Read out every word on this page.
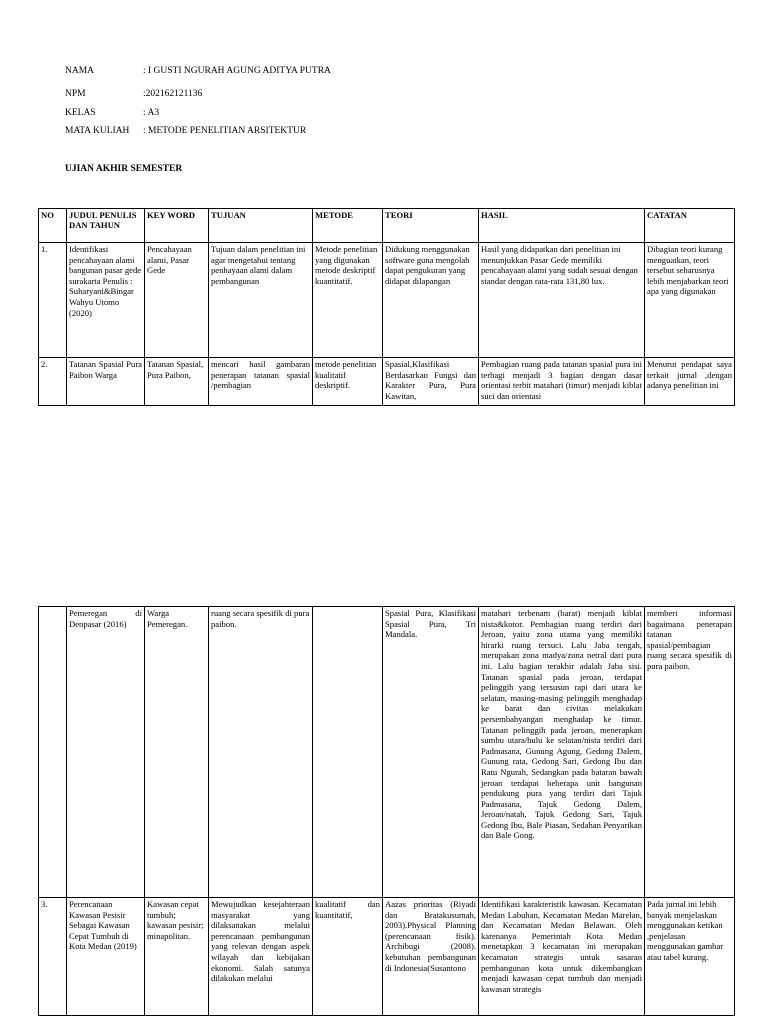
NAMA	: I GUSTI NGURAH AGUNG ADITYA PUTRA
NPM	:202162121136
KELAS	: A3
MATA KULIAH : METODE PENELITIAN ARSITEKTUR
UJIAN AKHIR SEMESTER
NO	JUDUL PENULIS DAN TAHUN	KEY WORD	TUJUAN	METODE	TEORI	HASIL	CATATAN
1.	Identifikasi pencahayaan alami bangunan pasar gede surakarta Penulis : Suharyani&Bingar Wahyu Utomo (2020)	Pencahayaan alami, Pasar Gede	Tujuan dalam penelitian ini agar mengetahui tentang penhayaan alami dalam pembangunan	Metode penelitian yang digunakan metode deskriptif kuantitatif.	Didukung menggunakan software guna mengolah dapat pengukuran yang didapat dilapangan	Hasil yang didapatkan dari penelitian ini menunjukkan Pasar Gede memiliki pencahayaan alami yang sudah sesuai dengan standar dengan rata-rata 131,80 lux.	Dibagian teori kurang menguatkan, teori tersebut seharusnya lebih menjabarkan teori apa yang digunakan
2.	Tatanan Spasial Pura Paibon Warga	Tatanan Spasial, Pura Paibon,	mencari hasil gambaran penerapan tatanan spasial /pembagian	metode penelitian kualitatif deskriptif.	Spasial,Klasifikasi Berdasarkan Fungsi dan Karakter Pura, Pura Kawitan,	Pembagian ruang pada tatanan spasial pura ini terbagi menjadi 3 bagian dengan dasar orientasi terbit matahari (timur) menjadi kiblat suci dan orientasi	Menurut pendapat saya terkait jurnal ,dengan adanya penelitian ini
	Pemeregan di Denpasar (2016)	Warga Pemeregan.	ruang secara spesifik di pura paibon.		Spasial Pura, Klasifikasi Spasial Pura, Tri Mandala.	matahari terbenam (barat) menjadi kiblat nista&kotor. Pembagian ruang terdiri dari Jeroan, yaitu zona utama yang memiliki hirarki ruang tersuci. Lalu Jaba tengah, merupakan zona madya/zona netral dari pura ini. Lalu bagian terakhir adalah Jaba sisi. Tatanan spasial pada jeroan, terdapat pelinggih yang tersusun rapi dari utara ke selatan, masing-masing pelinggih menghadap ke barat dan civitas melakukan persembahyangan menghadap ke timur. Tatanan pelinggih pada jeroan, menerapkan sumbu utara/hulu ke selatan/nista terdiri dari Padmasana, Gunung Agung, Gedong Dalem, Gunung rata, Gedong Sari, Gedong Ibu dan Ratu Ngurah, Sedangkan pada bataran bawah jeroan terdapat beberapa unit bangunan pendukung pura yang terdiri dari Tajuk Padmasana, Tajuk Gedong Dalem, Jeroan/natah, Tajuk Gedong Sari, Tajuk Gedong Ibu, Bale Piasan, Sedahan Penyarikan dan Bale Gong.	memberi informasi bagaimana penerapan tatanan spasial/pembagian ruang secara spesifik di pura paibon.
3.	Perencanaan Kawasan Pesisir Sebagai Kawasan Cepat Tumbuh di Kota Medan (2019)	Kawasan cepat tumbuh; kawasan pesisir; minapolitan.	Mewujudkan kesejahteraan masyarakat yang dilaksanakan melalui perencanaan pembangunan yang relevan dengan aspek wilayah dan kebijakan ekonomi. Salah satunya dilakukan melalui	kualitatif dan kuantitatif,	Aazas prioritas (Riyadi dan Bratakusumah, 2003).Physical Planning (perencanaan fisik). Archibugi (2008). kebutuhan pembangunan di Indonesia(Susantono	Identifikasi karakteristik kawasan. Kecamatan Medan Labuhan, Kecamatan Medan Marelan, dan Kecamatan Medan Belawan. Oleh karenanya Pemerintah Kota Medan menetapkan 3 kecamatan ini merupakan kecamatan strategis untuk sasaran pembangunan kota untuk dikembangkan menjadi kawasan cepat tumbuh dan menjadi kawasan strategis	Pada jurnal ini lebih banyak menjelaskan menggunakan ketikan ,penjelasan menggunakan gambar atau tabel kurang.
